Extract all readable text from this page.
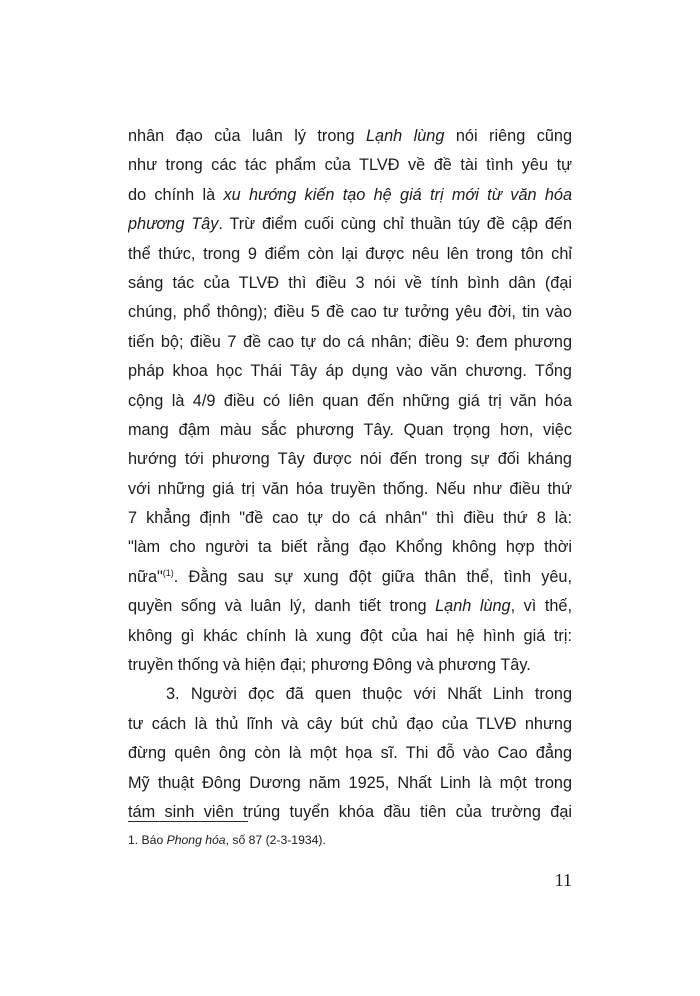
nhân đạo của luân lý trong Lạnh lùng nói riêng cũng
như trong các tác phẩm của TLVĐ về đề tài tình yêu tự
do chính là xu hướng kiến tạo hệ giá trị mới từ văn hóa
phương Tây. Trừ điểm cuối cùng chỉ thuần túy đề cập đến
thể thức, trong 9 điểm còn lại được nêu lên trong tôn chỉ
sáng tác của TLVĐ thì điều 3 nói về tính bình dân (đại
chúng, phổ thông); điều 5 đề cao tư tưởng yêu đời, tin vào
tiến bộ; điều 7 đề cao tự do cá nhân; điều 9: đem phương
pháp khoa học Thái Tây áp dụng vào văn chương. Tổng
cộng là 4/9 điều có liên quan đến những giá trị văn hóa
mang đậm màu sắc phương Tây. Quan trọng hơn, việc
hướng tới phương Tây được nói đến trong sự đối kháng
với những giá trị văn hóa truyền thống. Nếu như điều thứ
7 khẳng định "đề cao tự do cá nhân" thì điều thứ 8 là:
"làm cho người ta biết rằng đạo Khổng không hợp thời
nữa"$^{(1)}$. Đằng sau sự xung đột giữa thân thể, tình yêu,
quyền sống và luân lý, danh tiết trong Lạnh lùng, vì thế,
không gì khác chính là xung đột của hai hệ hình giá trị:
truyền thống và hiện đại; phương Đông và phương Tây.
3. Người đọc đã quen thuộc với Nhất Linh trong
tư cách là thủ lĩnh và cây bút chủ đạo của TLVĐ nhưng
đừng quên ông còn là một họa sĩ. Thi đỗ vào Cao đẳng
Mỹ thuật Đông Dương năm 1925, Nhất Linh là một trong
tám sinh viên trúng tuyển khóa đầu tiên của trường đại
1. Báo Phong hóa, số 87 (2-3-1934).
11
